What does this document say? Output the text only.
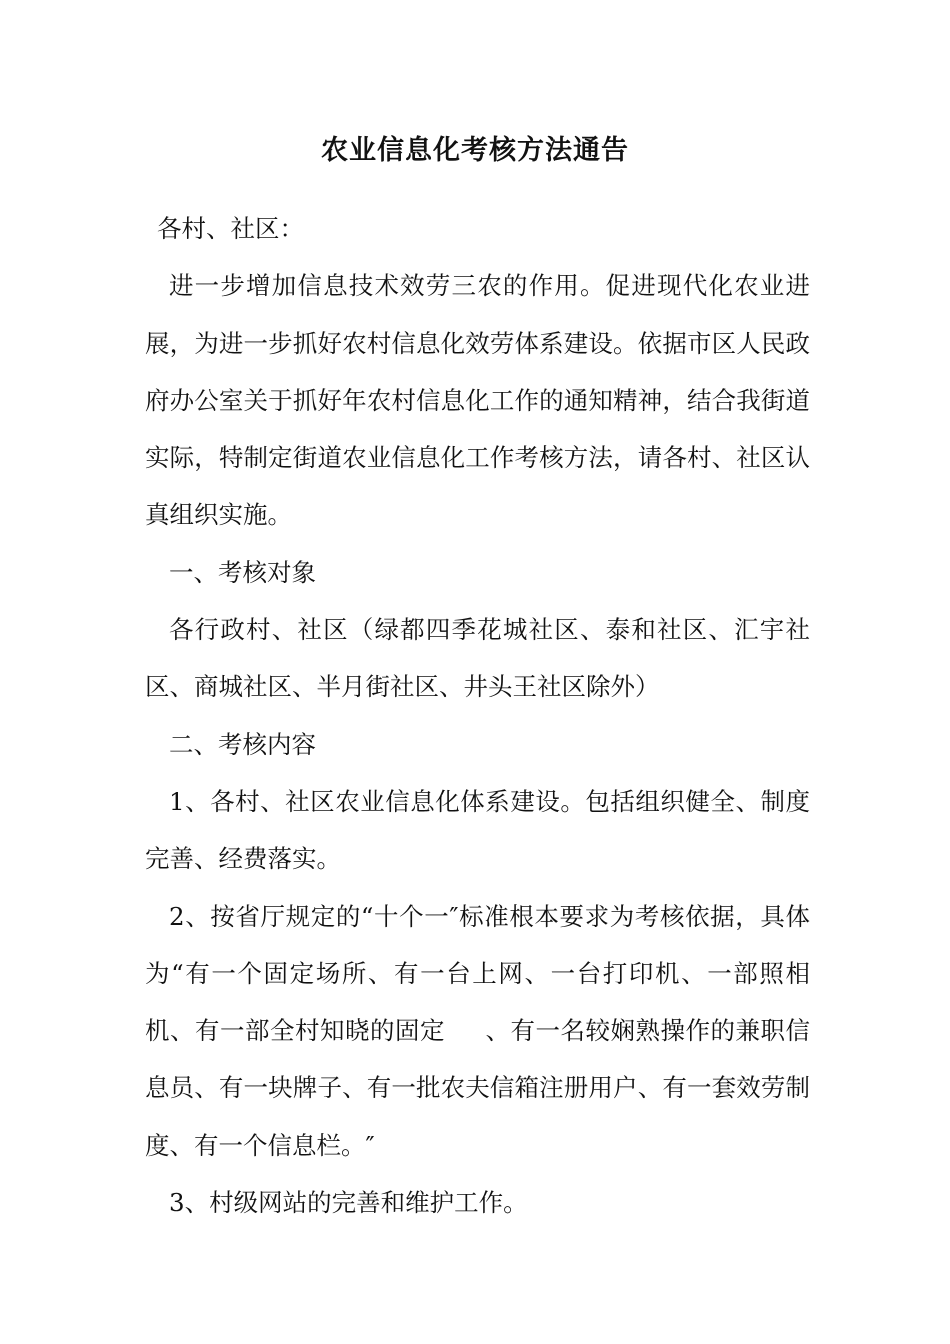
农业信息化考核方法通告

各村、社区：

进一步增加信息技术效劳三农的作用。促进现代化农业进展，为进一步抓好农村信息化效劳体系建设。依据市区人民政府办公室关于抓好年农村信息化工作的通知精神，结合我街道实际，特制定街道农业信息化工作考核方法，请各村、社区认真组织实施。

一、考核对象

各行政村、社区（绿都四季花城社区、泰和社区、汇宇社区、商城社区、半月街社区、井头王社区除外）

二、考核内容

1、各村、社区农业信息化体系建设。包括组织健全、制度完善、经费落实。

2、按省厅规定的“十个一″标准根本要求为考核依据，具体为“有一个固定场所、有一台上网、一台打印机、一部照相机、有一部全村知晓的固定 、有一名较娴熟操作的兼职信息员、有一块牌子、有一批农夫信箱注册用户、有一套效劳制度、有一个信息栏。″

3、村级网站的完善和维护工作。
